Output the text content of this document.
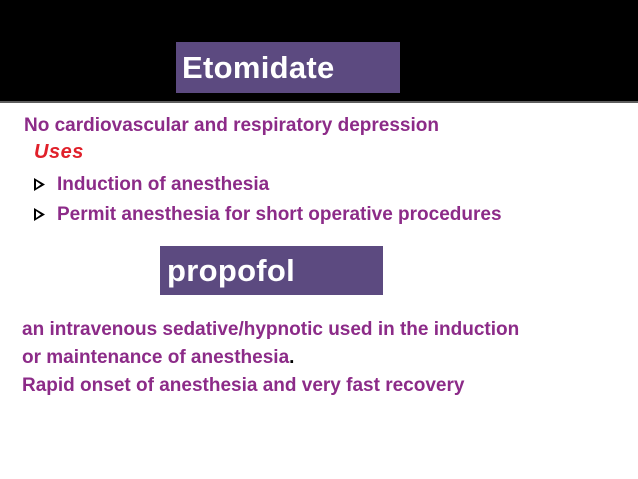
Etomidate
No cardiovascular and respiratory depression
Uses
Induction of anesthesia
Permit anesthesia for short operative procedures
propofol
an intravenous sedative/hypnotic used in the induction
or maintenance of anesthesia.
Rapid onset of anesthesia and very fast recovery
